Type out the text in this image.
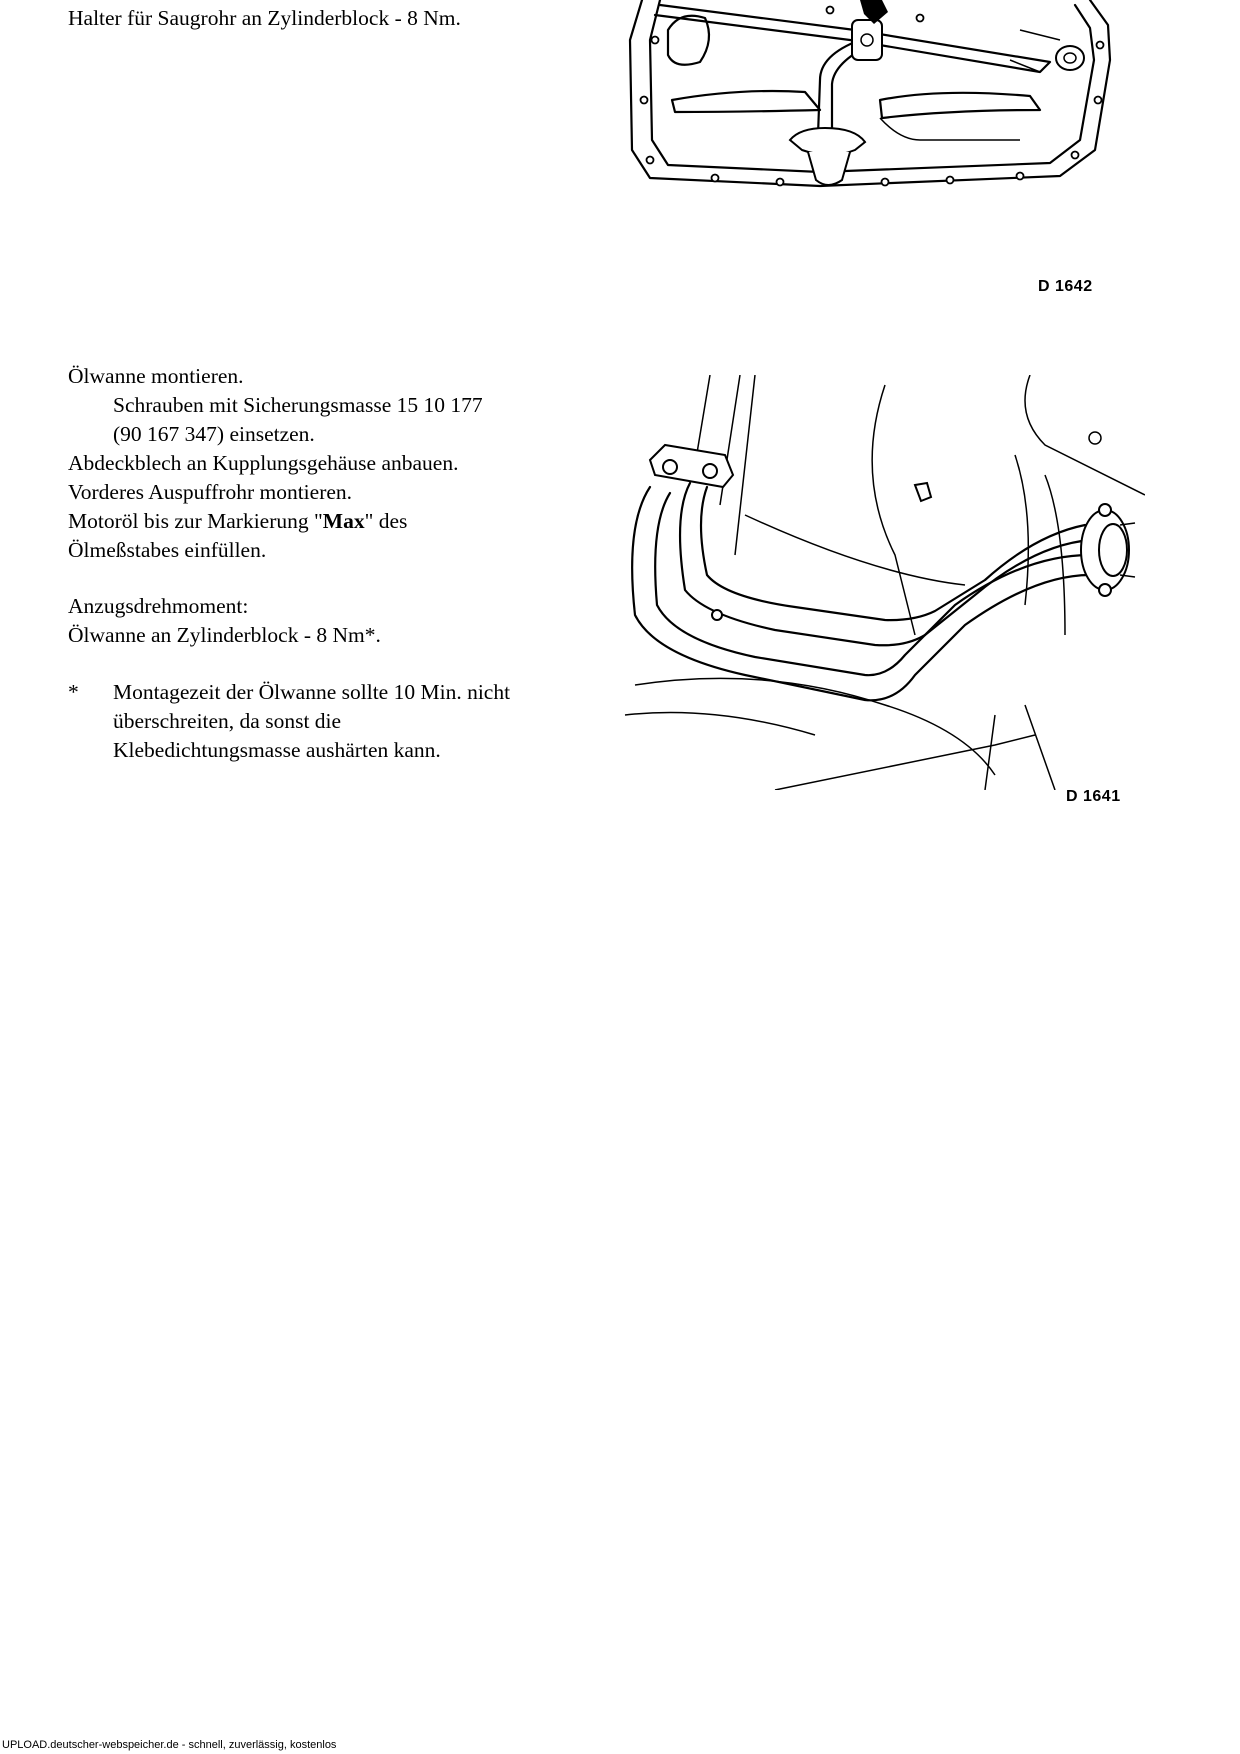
Halter für Saugrohr an Zylinderblock - 8 Nm.
D 1642
Ölwanne montieren.
Schrauben mit Sicherungsmasse 15 10 177
(90 167 347) einsetzen.
Abdeckblech an Kupplungsgehäuse anbauen.
Vorderes Auspuffrohr montieren.
Motoröl bis zur Markierung "Max" des
Ölmeßstabes einfüllen.
Anzugsdrehmoment:
Ölwanne an Zylinderblock - 8 Nm*.
* Montagezeit der Ölwanne sollte 10 Min. nicht
überschreiten, da sonst die
Klebedichtungsmasse aushärten kann.
D 1641
UPLOAD.deutscher-webspeicher.de - schnell, zuverlässig, kostenlos
